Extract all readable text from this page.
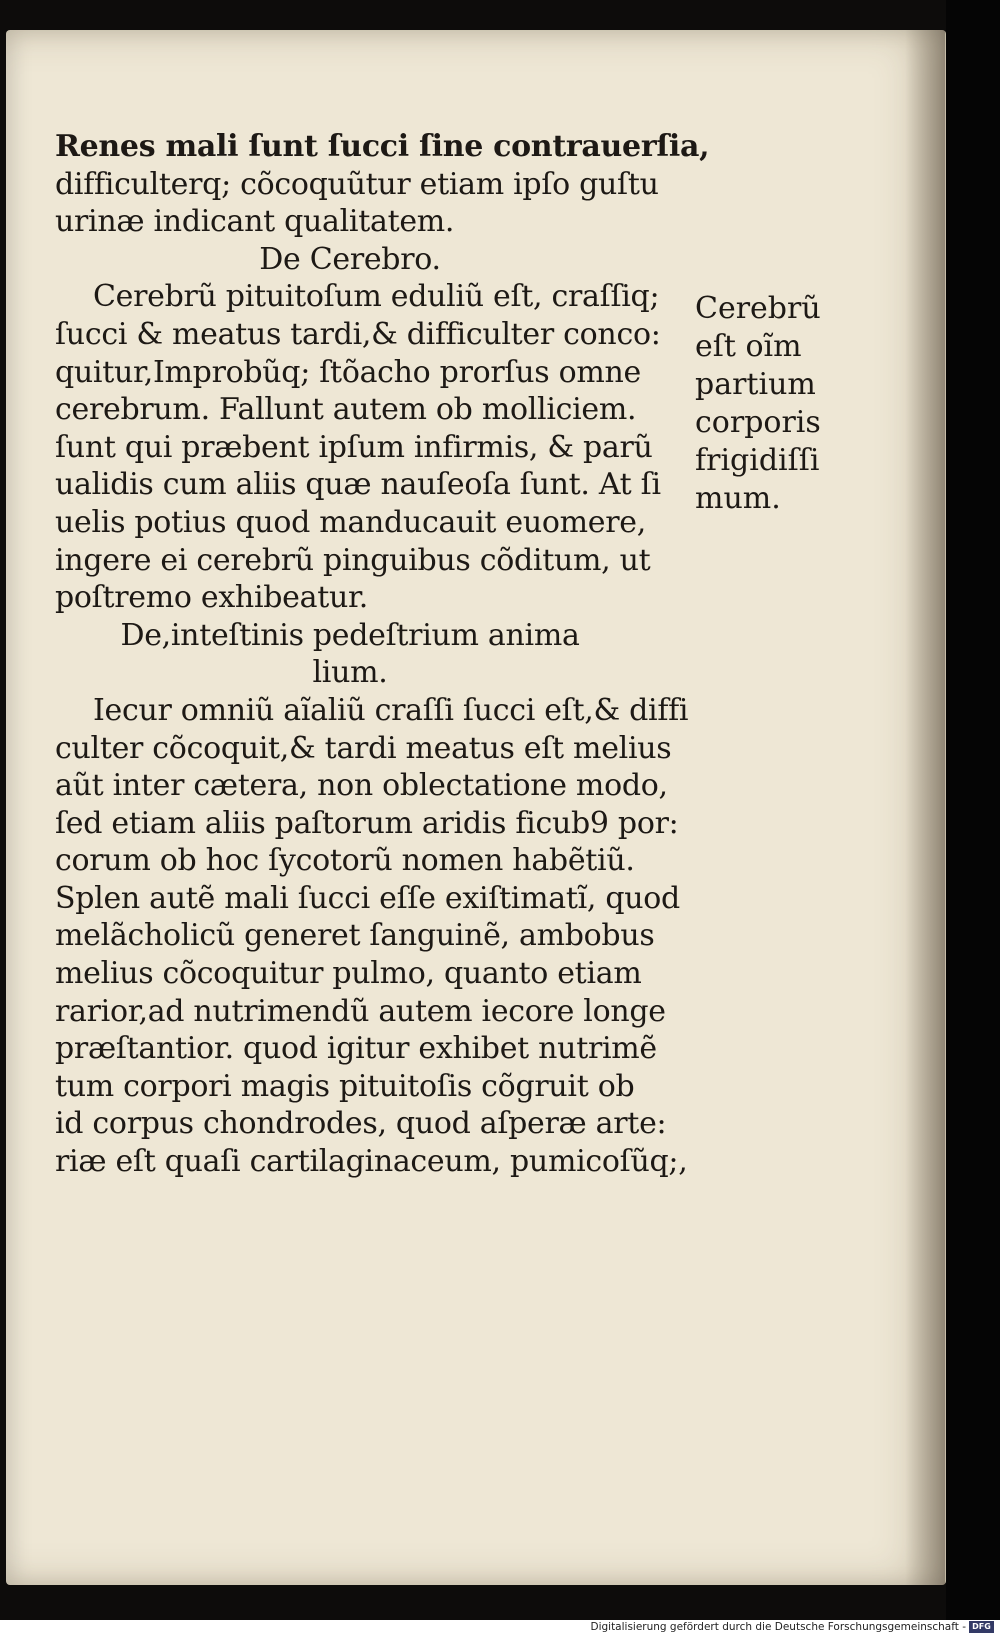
Renes mali ſunt ſucci ſine contrauerſia,
difficulterq; cõcoquũtur etiam ipſo guſtu
urinæ indicant qualitatem.
De Cerebro.
Cerebrũ pituitoſum eduliũ eſt, craſſiq;
ſucci & meatus tardi,& difficulter conco:
quitur,Improbũq; ſtõacho prorſus omne
cerebrum. Fallunt autem ob molliciem.
ſunt qui præbent ipſum infirmis, & parũ
ualidis cum aliis quæ nauſeoſa ſunt. At ſi
uelis potius quod manducauit euomere,
ingere ei cerebrũ pinguibus cõditum, ut
poſtremo exhibeatur.
De,inteſtinis pedeſtrium anima
lium.
Iecur omniũ aĩaliũ craſſi ſucci eſt,& diffi
culter cõcoquit,& tardi meatus eſt melius
aũt inter cætera, non oblectatione modo,
ſed etiam aliis paſtorum aridis ficub9 por:
corum ob hoc ſycotorũ nomen habẽtiũ.
Splen autẽ mali ſucci eſſe exiſtimatĩ, quod
melãcholicũ generet ſanguinẽ, ambobus
melius cõcoquitur pulmo, quanto etiam
rarior,ad nutrimendũ autem iecore longe
præſtantior. quod igitur exhibet nutrimẽ
tum corpori magis pituitoſis cõgruit ob
id corpus chondrodes, quod aſperæ arte:
riæ eſt quaſi cartilaginaceum, pumicoſũq;,
Cerebrũ
eſt oĩm
partium
corporis
frigidiſſi
mum.
Digitalisierung gefördert durch die Deutsche Forschungsgemeinschaft - DFG
